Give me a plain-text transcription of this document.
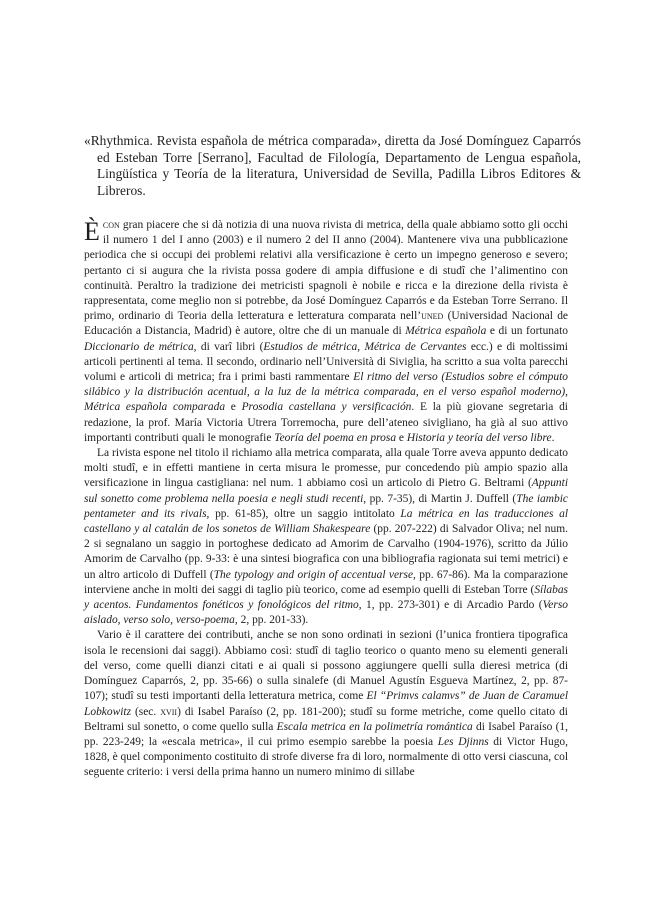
«Rhythmica. Revista española de métrica comparada», diretta da José Domínguez Caparrós ed Esteban Torre [Serrano], Facultad de Filología, Departamento de Lengua española, Lingüística y Teoría de la literatura, Universidad de Sevilla, Padilla Libros Editores & Libreros.

Ècon gran piacere che si dà notizia di una nuova rivista di metrica, della quale abbiamo sotto gli occhi il numero 1 del I anno (2003) e il numero 2 del II anno (2004). Mantenere viva una pubblicazione periodica che si occupi dei problemi relativi alla versificazione è certo un impegno generoso e severo; pertanto ci si augura che la rivista possa godere di ampia diffusione e di studî che l’alimentino con continuità. Peraltro la tradizione dei metricisti spagnoli è nobile e ricca e la direzione della rivista è rappresentata, come meglio non si potrebbe, da José Domínguez Caparrós e da Esteban Torre Serrano. Il primo, ordinario di Teoria della letteratura e letteratura comparata nell’uned (Universidad Nacional de Educación a Distancia, Madrid) è autore, oltre che di un manuale di Métrica española e di un fortunato Diccionario de métrica, di varî libri (Estudios de métrica, Métrica de Cervantes ecc.) e di moltissimi articoli pertinenti al tema. Il secondo, ordinario nell’Università di Siviglia, ha scritto a sua volta parecchi volumi e articoli di metrica; fra i primi basti rammentare El ritmo del verso (Estudios sobre el cómputo silábico y la distribución acentual, a la luz de la métrica comparada, en el verso español moderno), Métrica española comparada e Prosodia castellana y versificación. E la più giovane segretaria di redazione, la prof. María Victoria Utrera Torremocha, pure dell’ateneo sivigliano, ha già al suo attivo importanti contributi quali le monografie Teoría del poema en prosa e Historia y teoría del verso libre.

La rivista espone nel titolo il richiamo alla metrica comparata, alla quale Torre aveva appunto dedicato molti studî, e in effetti mantiene in certa misura le promesse, pur concedendo più ampio spazio alla versificazione in lingua castigliana: nel num. 1 abbiamo così un articolo di Pietro G. Beltrami (Appunti sul sonetto come problema nella poesia e negli studi recenti, pp. 7-35), di Martin J. Duffell (The iambic pentameter and its rivals, pp. 61-85), oltre un saggio intitolato La métrica en las traducciones al castellano y al catalán de los sonetos de William Shakespeare (pp. 207-222) di Salvador Oliva; nel num. 2 si segnalano un saggio in portoghese dedicato ad Amorim de Carvalho (1904-1976), scritto da Júlio Amorim de Carvalho (pp. 9-33: è una sintesi biografica con una bibliografia ragionata sui temi metrici) e un altro articolo di Duffell (The typology and origin of accentual verse, pp. 67-86). Ma la comparazione interviene anche in molti dei saggi di taglio più teorico, come ad esempio quelli di Esteban Torre (Sílabas y acentos. Fundamentos fonéticos y fonológicos del ritmo, 1, pp. 273-301) e di Arcadio Pardo (Verso aislado, verso solo, verso-poema, 2, pp. 201-33).

Vario è il carattere dei contributi, anche se non sono ordinati in sezioni (l’unica frontiera tipografica isola le recensioni dai saggi). Abbiamo così: studî di taglio teorico o quanto meno su elementi generali del verso, come quelli dianzi citati e ai quali si possono aggiungere quelli sulla dieresi metrica (di Domínguez Caparrós, 2, pp. 35-66) o sulla sinalefe (di Manuel Agustín Esgueva Martínez, 2, pp. 87-107); studî su testi importanti della letteratura metrica, come El “Primvs calamvs” de Juan de Caramuel Lobkowitz (sec. xvii) di Isabel Paraíso (2, pp. 181-200); studî su forme metriche, come quello citato di Beltrami sul sonetto, o come quello sulla Escala metrica en la polimetría romántica di Isabel Paraíso (1, pp. 223-249; la «escala metrica», il cui primo esempio sarebbe la poesia Les Djinns di Victor Hugo, 1828, è quel componimento costituito di strofe diverse fra di loro, normalmente di otto versi ciascuna, col seguente criterio: i versi della prima hanno un numero minimo di sillabe
